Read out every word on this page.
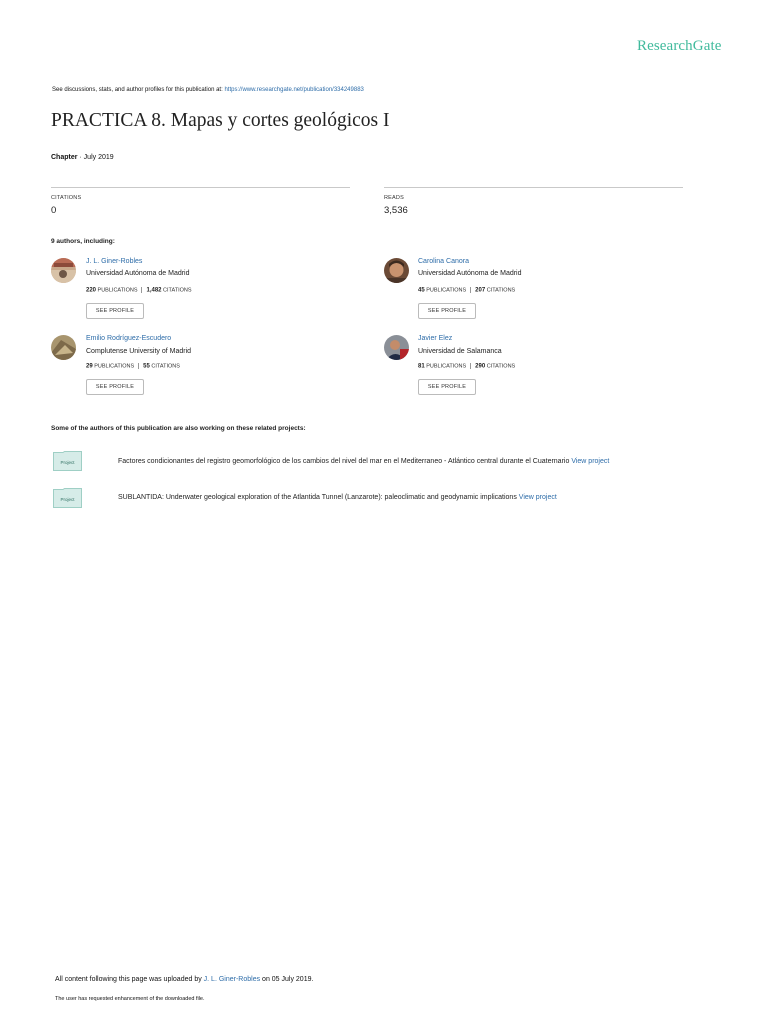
ResearchGate
See discussions, stats, and author profiles for this publication at: https://www.researchgate.net/publication/334249883
PRACTICA 8. Mapas y cortes geológicos I
Chapter · July 2019
CITATIONS
0
READS
3,536
9 authors, including:
J. L. Giner-Robles
Universidad Autónoma de Madrid
220 PUBLICATIONS 1,482 CITATIONS
SEE PROFILE
Carolina Canora
Universidad Autónoma de Madrid
45 PUBLICATIONS 207 CITATIONS
SEE PROFILE
Emilio Rodríguez-Escudero
Complutense University of Madrid
29 PUBLICATIONS 55 CITATIONS
SEE PROFILE
Javier Elez
Universidad de Salamanca
81 PUBLICATIONS 290 CITATIONS
SEE PROFILE
Some of the authors of this publication are also working on these related projects:
Project	Factores condicionantes del registro geomorfológico de los cambios del nivel del mar en el Mediterraneo - Atlántico central durante el Cuaternario View project
Project	SUBLANTIDA: Underwater geological exploration of the Atlantida Tunnel (Lanzarote): paleoclimatic and geodynamic implications View project
All content following this page was uploaded by J. L. Giner-Robles on 05 July 2019.
The user has requested enhancement of the downloaded file.
